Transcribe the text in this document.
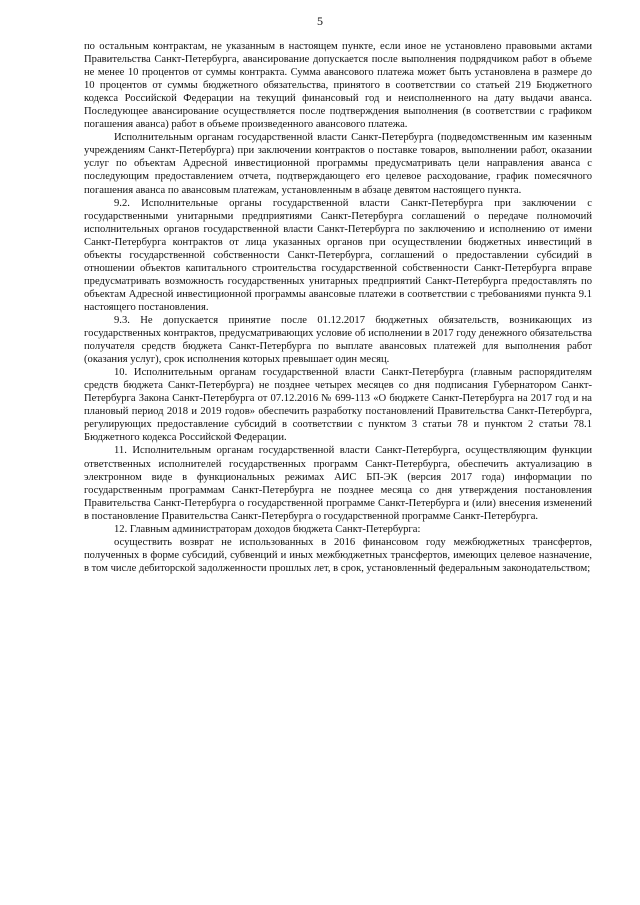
5

по остальным контрактам, не указанным в настоящем пункте, если иное не установлено правовыми актами Правительства Санкт-Петербурга, авансирование допускается после выполнения подрядчиком работ в объеме не менее 10 процентов от суммы контракта. Сумма авансового платежа может быть установлена в размере до 10 процентов от суммы бюджетного обязательства, принятого в соответствии со статьей 219 Бюджетного кодекса Российской Федерации на текущий финансовый год и неисполненного на дату выдачи аванса. Последующее авансирование осуществляется после подтверждения выполнения (в соответствии с графиком погашения аванса) работ в объеме произведенного авансового платежа.

Исполнительным органам государственной власти Санкт-Петербурга (подведомственным им казенным учреждениям Санкт-Петербурга) при заключении контрактов о поставке товаров, выполнении работ, оказании услуг по объектам Адресной инвестиционной программы предусматривать цели направления аванса с последующим предоставлением отчета, подтверждающего его целевое расходование, график помесячного погашения аванса по авансовым платежам, установленным в абзаце девятом настоящего пункта.

9.2. Исполнительные органы государственной власти Санкт-Петербурга при заключении с государственными унитарными предприятиями Санкт-Петербурга соглашений о передаче полномочий исполнительных органов государственной власти Санкт-Петербурга по заключению и исполнению от имени Санкт-Петербурга контрактов от лица указанных органов при осуществлении бюджетных инвестиций в объекты государственной собственности Санкт-Петербурга, соглашений о предоставлении субсидий в отношении объектов капитального строительства государственной собственности Санкт-Петербурга вправе предусматривать возможность государственных унитарных предприятий Санкт-Петербурга предоставлять по объектам Адресной инвестиционной программы авансовые платежи в соответствии с требованиями пункта 9.1 настоящего постановления.

9.3. Не допускается принятие после 01.12.2017 бюджетных обязательств, возникающих из государственных контрактов, предусматривающих условие об исполнении в 2017 году денежного обязательства получателя средств бюджета Санкт-Петербурга по выплате авансовых платежей для выполнения работ (оказания услуг), срок исполнения которых превышает один месяц.

10. Исполнительным органам государственной власти Санкт-Петербурга (главным распорядителям средств бюджета Санкт-Петербурга) не позднее четырех месяцев со дня подписания Губернатором Санкт-Петербурга Закона Санкт-Петербурга от 07.12.2016 № 699-113 «О бюджете Санкт-Петербурга на 2017 год и на плановый период 2018 и 2019 годов» обеспечить разработку постановлений Правительства Санкт-Петербурга, регулирующих предоставление субсидий в соответствии с пунктом 3 статьи 78 и пунктом 2 статьи 78.1 Бюджетного кодекса Российской Федерации.

11. Исполнительным органам государственной власти Санкт-Петербурга, осуществляющим функции ответственных исполнителей государственных программ Санкт-Петербурга, обеспечить актуализацию в электронном виде в функциональных режимах АИС БП-ЭК (версия 2017 года) информации по государственным программам Санкт-Петербурга не позднее месяца со дня утверждения постановления Правительства Санкт-Петербурга о государственной программе Санкт-Петербурга и (или) внесения изменений в постановление Правительства Санкт-Петербурга о государственной программе Санкт-Петербурга.

12. Главным администраторам доходов бюджета Санкт-Петербурга:

осуществить возврат не использованных в 2016 финансовом году межбюджетных трансфертов, полученных в форме субсидий, субвенций и иных межбюджетных трансфертов, имеющих целевое назначение, в том числе дебиторской задолженности прошлых лет, в срок, установленный федеральным законодательством;
